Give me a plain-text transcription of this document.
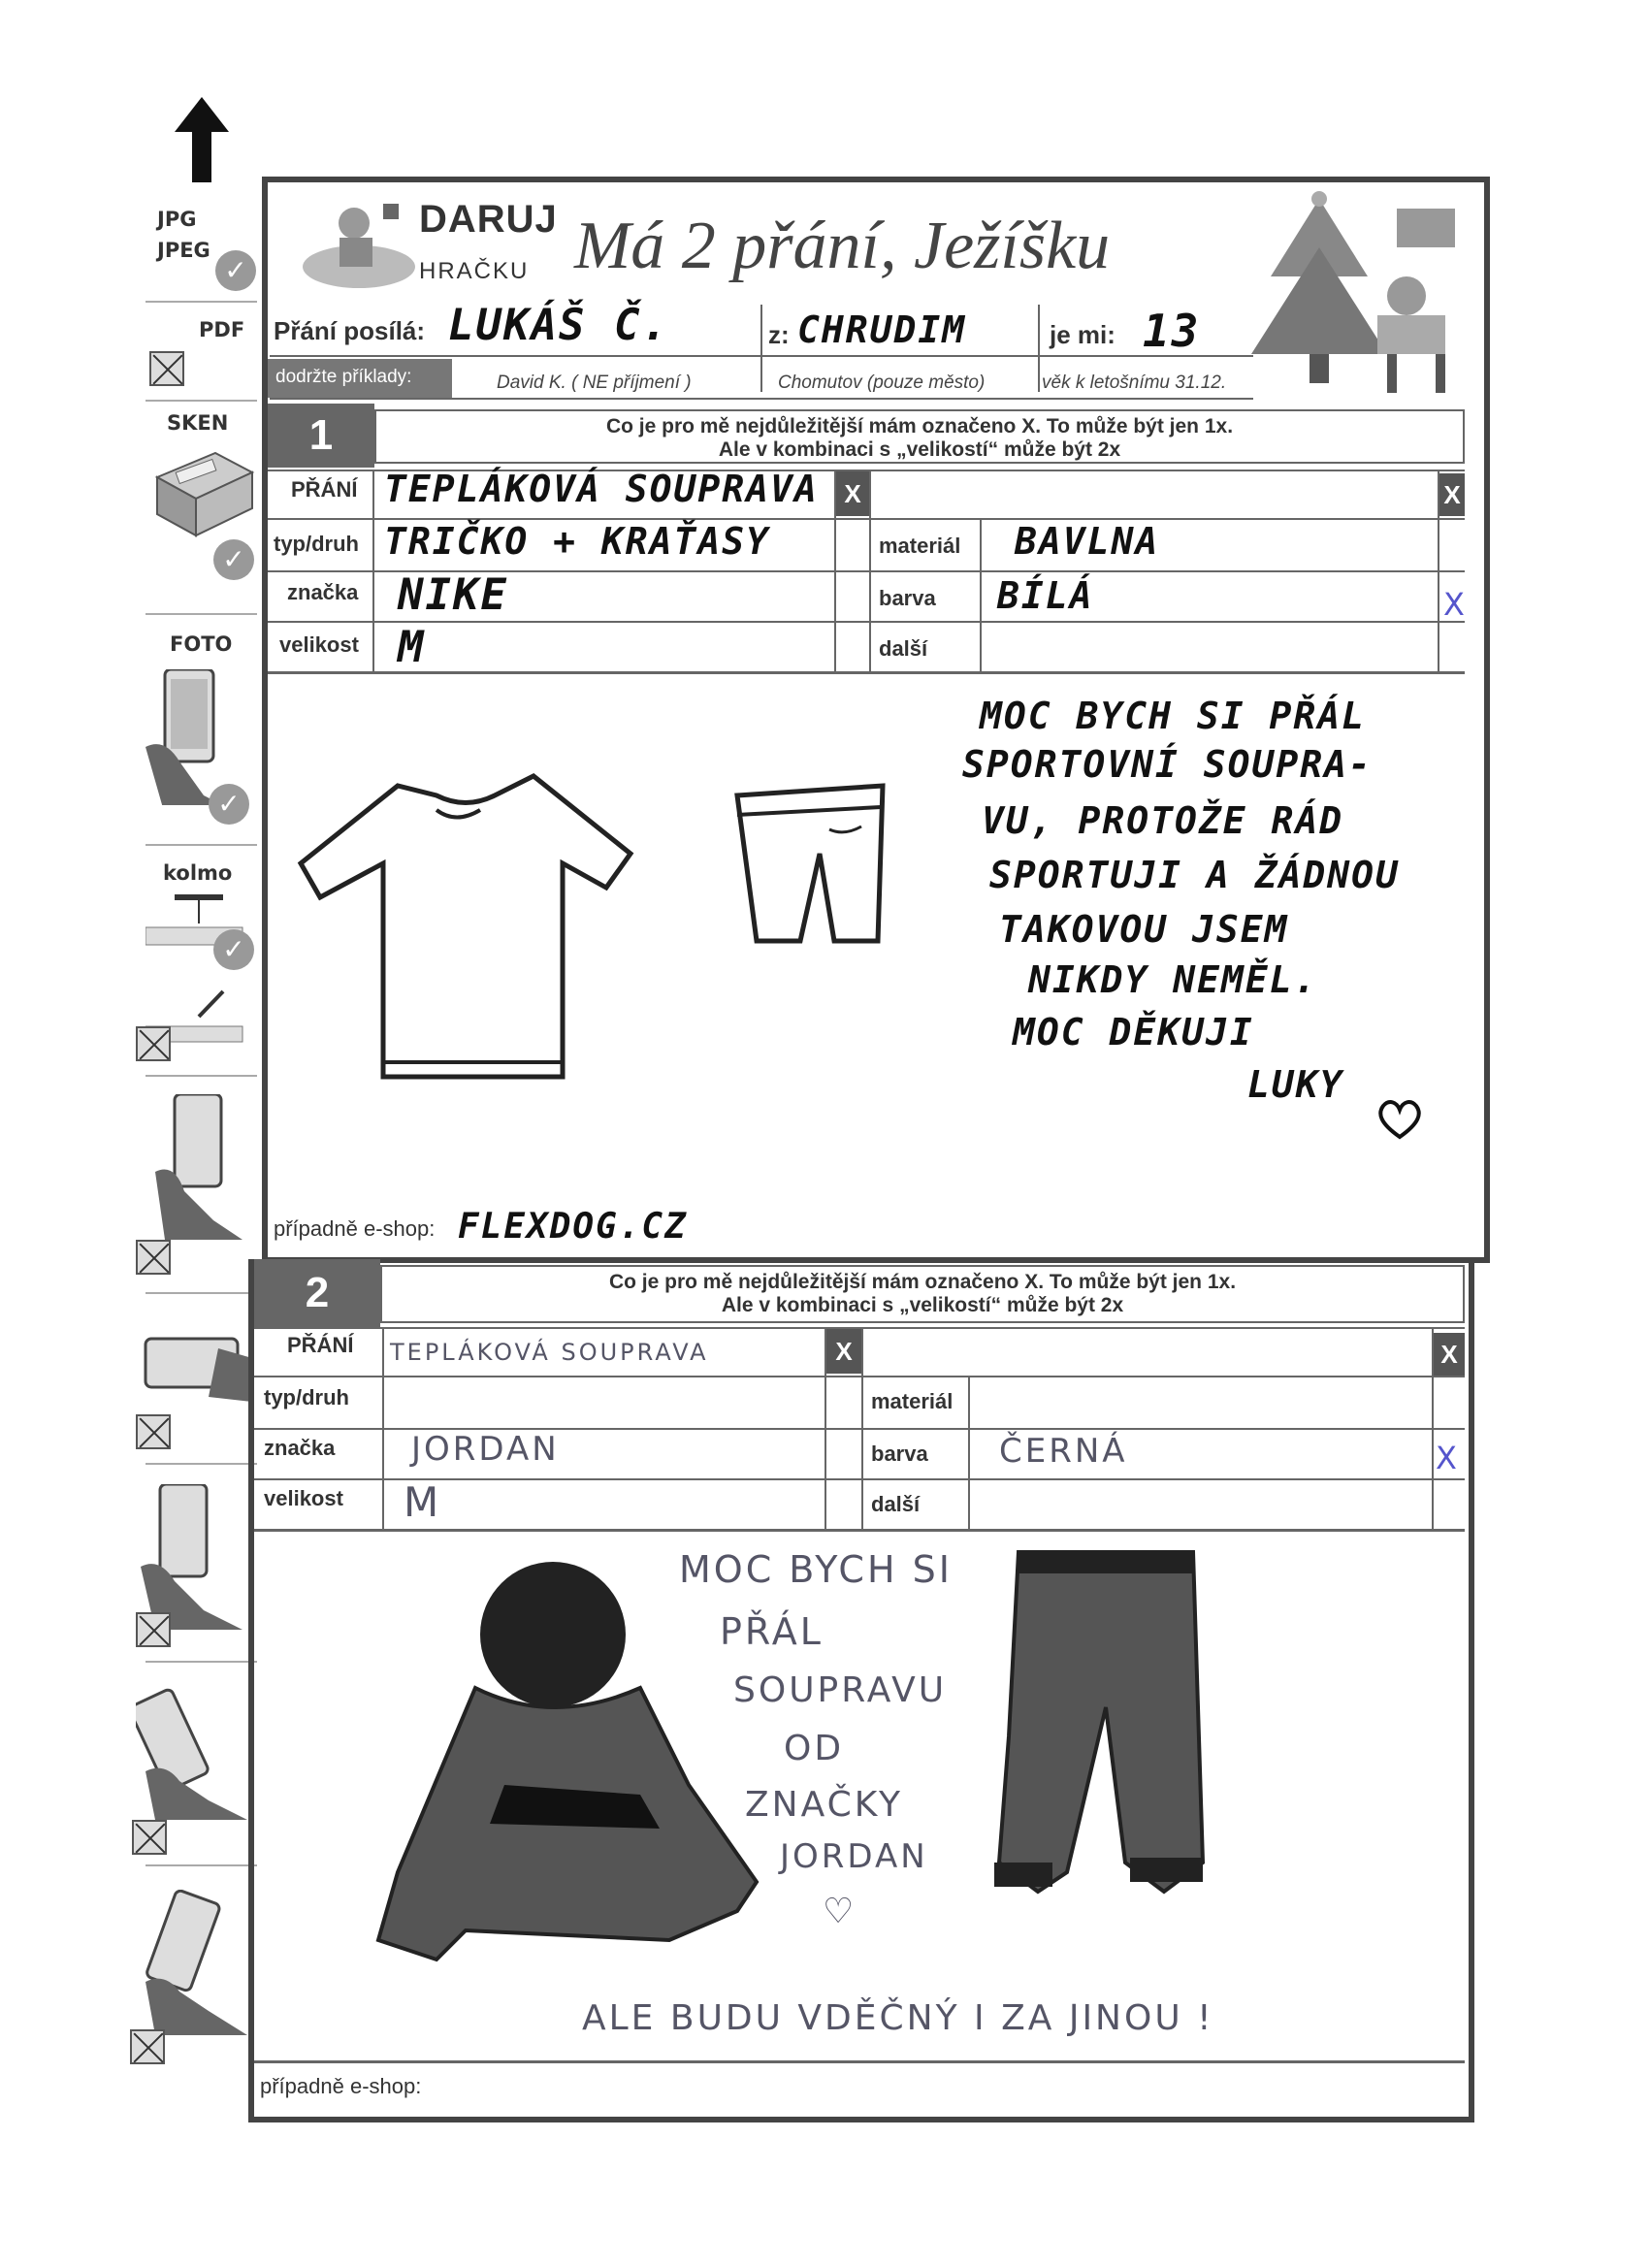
JPG
JPEG
✓
PDF
SKEN
✓
FOTO
✓
kolmo
✓
DARUJ
HRAČKU Má 2 přání, Ježíšku
Přání posílá: LUKÁŠ Č.	z: CHRUDIM	je mi: 13
dodržte příklady:	David K. ( NE příjmení )	Chomutov (pouze město)	věk k letošnímu 31.12.
1	Co je pro mě nejdůležitější mám označeno X. To může být jen 1x.
Ale v kombinaci s „velikostí“ může být 2x
PŘÁNÍ TEPLÁKOVÁ SOUPRAVA	X	X
typ/druh TRIČKO + KRAŤASY	materiál BAVLNA
značka NIKE	barva BÍLÁ	X
velikost M	další
MOC BYCH SI PŘÁL
SPORTOVNÍ SOUPRA-
VU, PROTOŽE RÁD
SPORTUJI A ŽÁDNOU
TAKOVOU JSEM
NIKDY NEMĚL.
MOC DĚKUJI
LUKY
případně e-shop: FLEXDOG.CZ
2	Co je pro mě nejdůležitější mám označeno X. To může být jen 1x.
Ale v kombinaci s „velikostí“ může být 2x
PŘÁNÍ TEPLÁKOVÁ SOUPRAVA	X	X
typ/druh	materiál
značka JORDAN	barva ČERNÁ	X
velikost M	další
MOC BYCH SI
PŘÁL
SOUPRAVU
OD
ZNAČKY
JORDAN
♡
ALE BUDU VDĚČNÝ I ZA JINOU !
případně e-shop:
